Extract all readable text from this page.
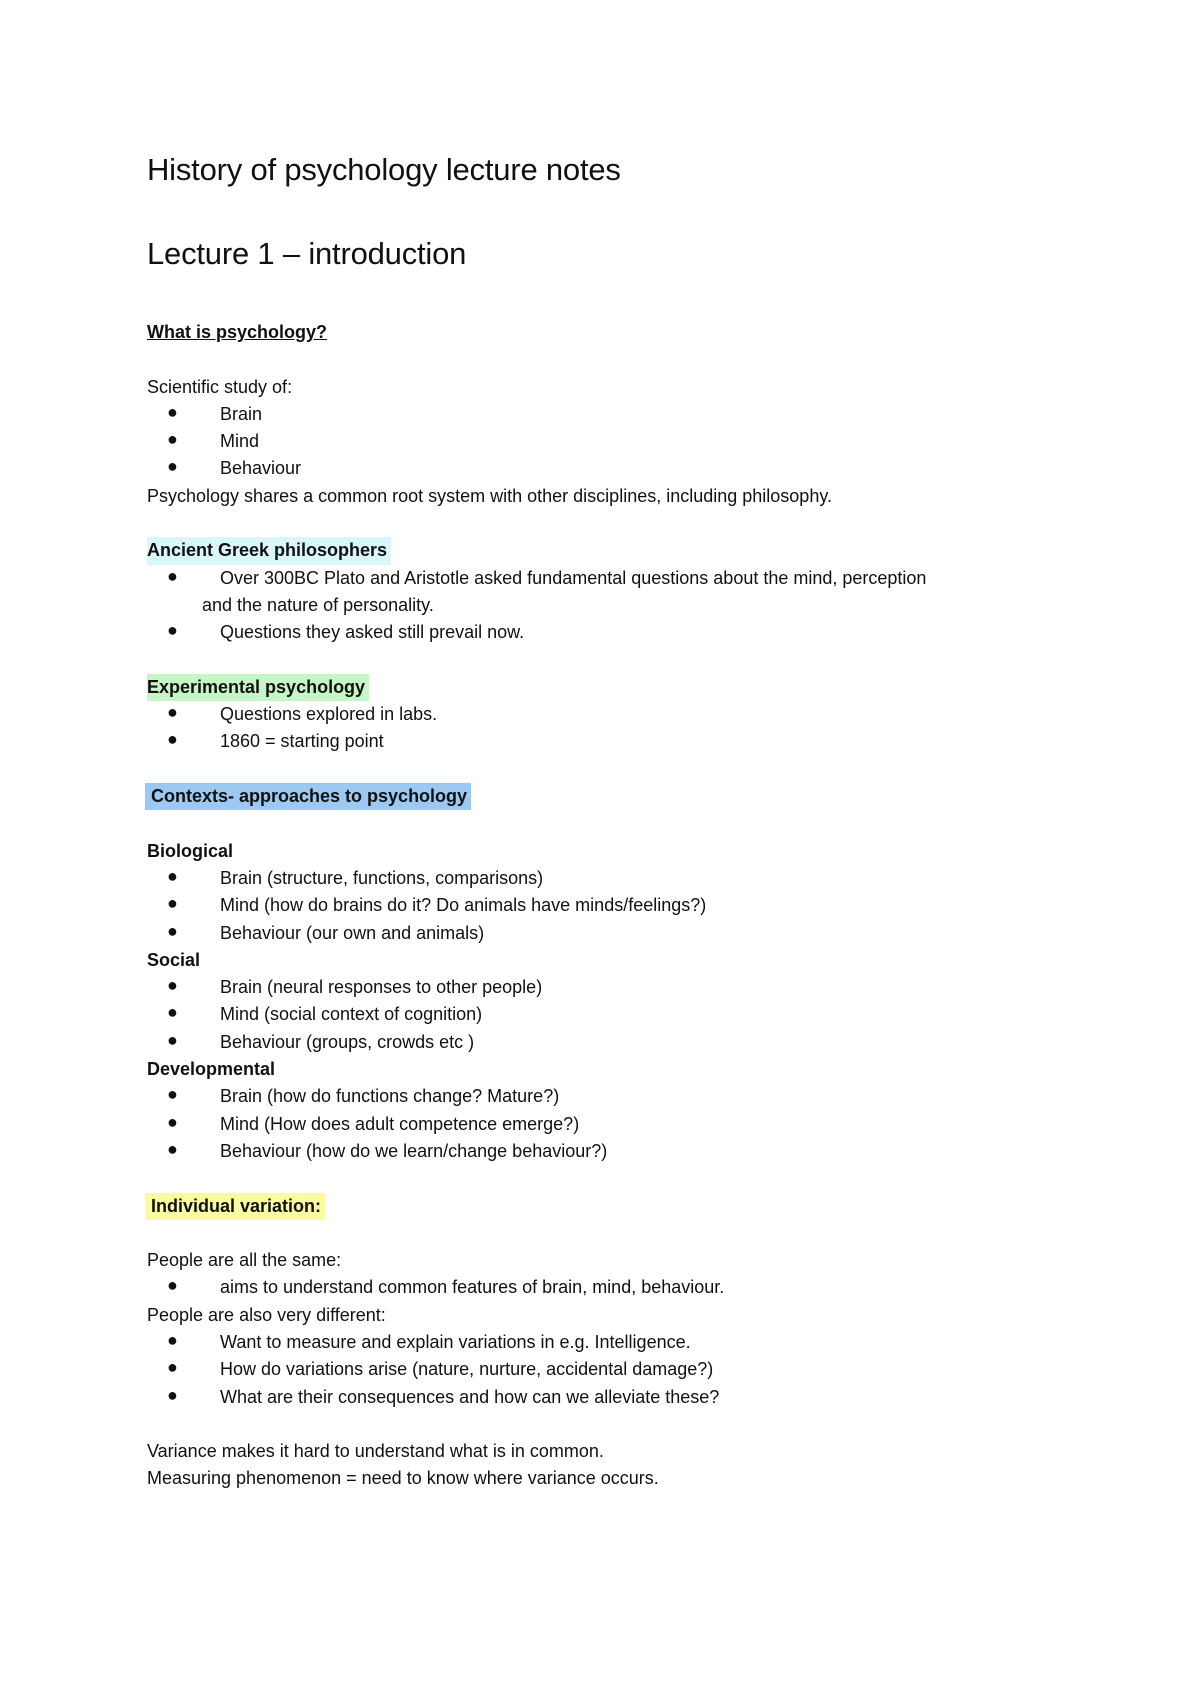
History of psychology lecture notes
Lecture 1 – introduction

What is psychology?

Scientific study of:

● Brain
● Mind
● Behaviour

Psychology shares a common root system with other disciplines, including philosophy.

Ancient Greek philosophers

●	Over 300BC Plato and Aristotle asked fundamental questions about the mind, perception
and the nature of personality.
● Questions they asked still prevail now.

Experimental psychology

● Questions explored in labs.
● 1860 = starting point

Contexts- approaches to psychology

Biological

● Brain (structure, functions, comparisons)
● Mind (how do brains do it? Do animals have minds/feelings?)
● Behaviour (our own and animals)

Social

● Brain (neural responses to other people)
● Mind (social context of cognition)
● Behaviour (groups, crowds etc )

Developmental

● Brain (how do functions change? Mature?)
● Mind (How does adult competence emerge?)
● Behaviour (how do we learn/change behaviour?)

Individual variation:

People are all the same:

● aims to understand common features of brain, mind, behaviour.

People are also very different:

● Want to measure and explain variations in e.g. Intelligence.
● How do variations arise (nature, nurture, accidental damage?)
● What are their consequences and how can we alleviate these?

Variance makes it hard to understand what is in common.

Measuring phenomenon = need to know where variance occurs.
